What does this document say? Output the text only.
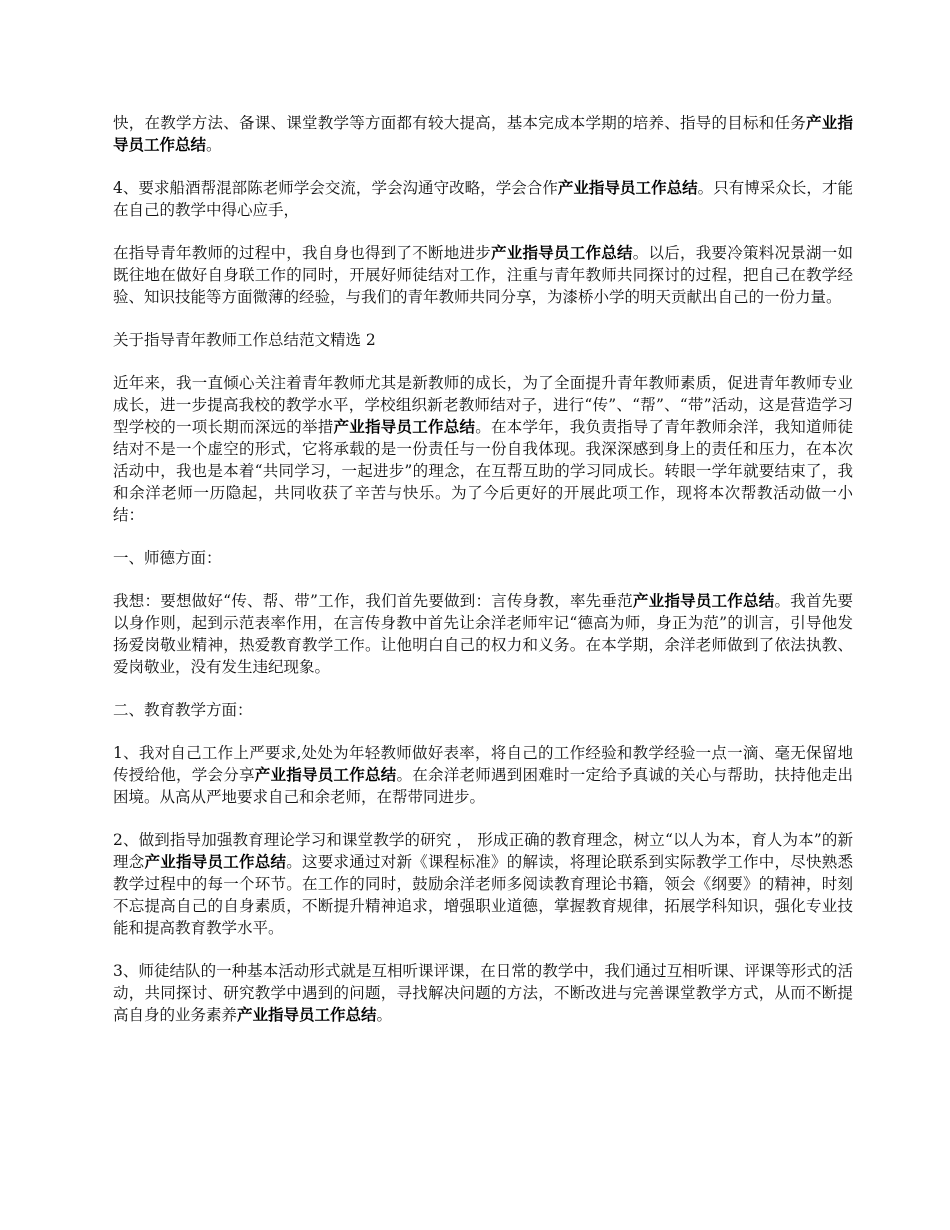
快，在教学方法、备课、课堂教学等方面都有较大提高，基本完成本学期的培养、指导的目标和任务产业指导员工作总结。

4、要求船酒帮混部陈老师学会交流，学会沟通守改略，学会合作产业指导员工作总结。只有博采众长，才能在自己的教学中得心应手，

在指导青年教师的过程中，我自身也得到了不断地进步产业指导员工作总结。以后，我要冷策料况景湖一如既往地在做好自身联工作的同时，开展好师徒结对工作，注重与青年教师共同探讨的过程，把自己在教学经验、知识技能等方面微薄的经验，与我们的青年教师共同分享，为漆桥小学的明天贡献出自己的一份力量。

关于指导青年教师工作总结范文精选 2

近年来，我一直倾心关注着青年教师尤其是新教师的成长，为了全面提升青年教师素质，促进青年教师专业成长，进一步提高我校的教学水平，学校组织新老教师结对子，进行“传”、“帮”、“带”活动，这是营造学习型学校的一项长期而深远的举措产业指导员工作总结。在本学年，我负责指导了青年教师余洋，我知道师徒结对不是一个虚空的形式，它将承载的是一份责任与一份自我体现。我深深感到身上的责任和压力，在本次活动中，我也是本着“共同学习，一起进步”的理念，在互帮互助的学习同成长。转眼一学年就要结束了，我和余洋老师一历隐起，共同收获了辛苦与快乐。为了今后更好的开展此项工作，现将本次帮教活动做一小结：

一、师德方面：

我想：要想做好“传、帮、带”工作，我们首先要做到：言传身教，率先垂范产业指导员工作总结。我首先要以身作则，起到示范表率作用，在言传身教中首先让余洋老师牢记“德高为师，身正为范”的训言，引导他发扬爱岗敬业精神，热爱教育教学工作。让他明白自己的权力和义务。在本学期，余洋老师做到了依法执教、爱岗敬业，没有发生违纪现象。

二、教育教学方面：

1、我对自己工作上严要求,处处为年轻教师做好表率，将自己的工作经验和教学经验一点一滴、毫无保留地传授给他，学会分享产业指导员工作总结。在余洋老师遇到困难时一定给予真诚的关心与帮助，扶持他走出困境。从高从严地要求自己和余老师，在帮带同进步。

2、做到指导加强教育理论学习和课堂教学的研究 ， 形成正确的教育理念，树立“以人为本，育人为本”的新理念产业指导员工作总结。这要求通过对新《课程标准》的解读，将理论联系到实际教学工作中，尽快熟悉教学过程中的每一个环节。在工作的同时，鼓励余洋老师多阅读教育理论书籍，领会《纲要》的精神，时刻不忘提高自己的自身素质，不断提升精神追求，增强职业道德，掌握教育规律，拓展学科知识，强化专业技能和提高教育教学水平。

3、师徒结队的一种基本活动形式就是互相听课评课，在日常的教学中，我们通过互相听课、评课等形式的活动，共同探讨、研究教学中遇到的问题，寻找解决问题的方法，不断改进与完善课堂教学方式，从而不断提高自身的业务素养产业指导员工作总结。
